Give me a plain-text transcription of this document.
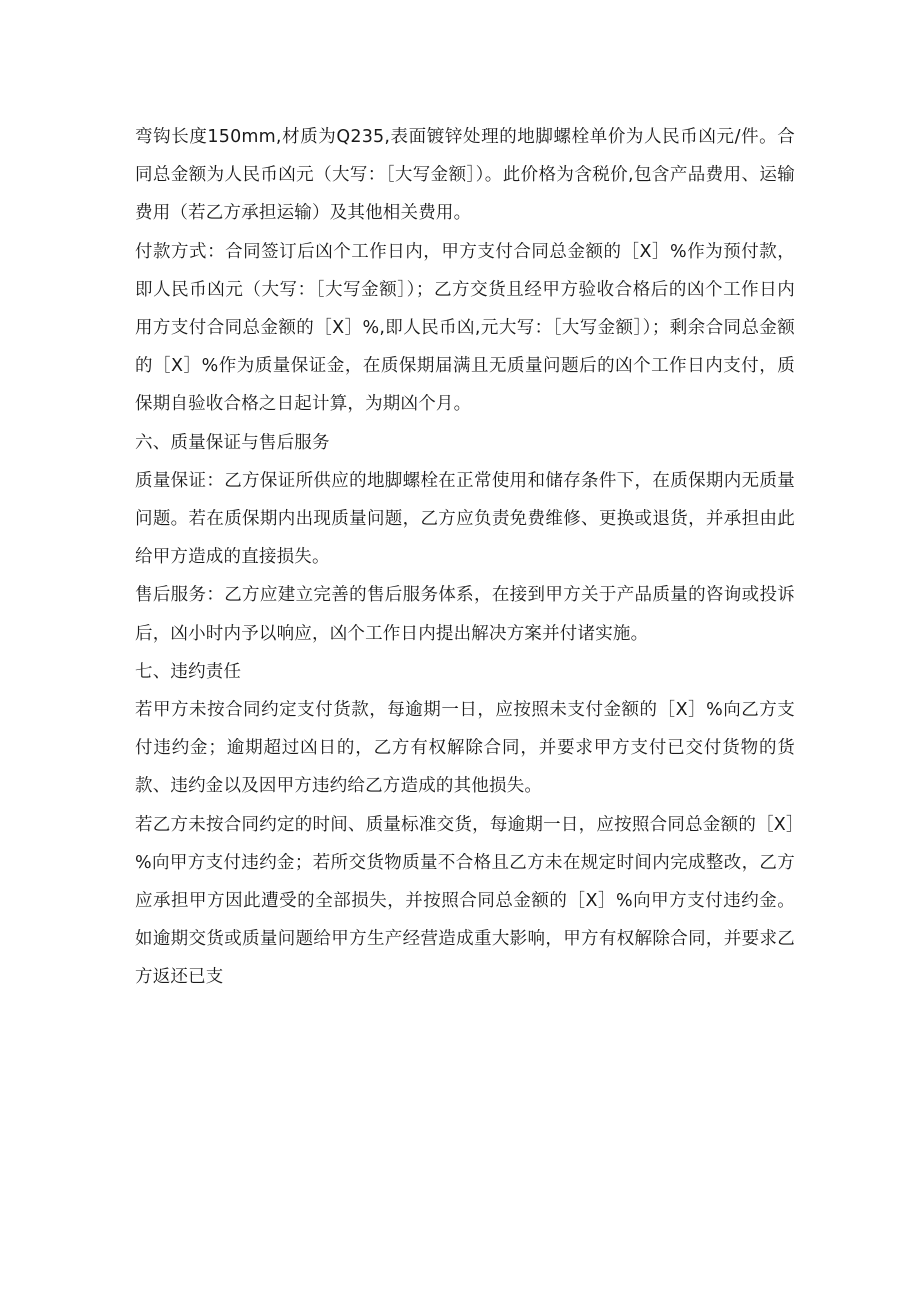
弯钩长度150mm,材质为Q235,表面镀锌处理的地脚螺栓单价为人民币凶元/件。合同总金额为人民币凶元（大写：［大写金额］）。此价格为含税价,包含产品费用、运输费用（若乙方承担运输）及其他相关费用。

付款方式：合同签订后凶个工作日内，甲方支付合同总金额的［X］%作为预付款，即人民币凶元（大写：［大写金额］）；乙方交货且经甲方验收合格后的凶个工作日内用方支付合同总金额的［X］%,即人民币凶,元大写：［大写金额］）；剩余合同总金额的［X］%作为质量保证金，在质保期届满且无质量问题后的凶个工作日内支付，质保期自验收合格之日起计算，为期凶个月。

六、质量保证与售后服务

质量保证：乙方保证所供应的地脚螺栓在正常使用和储存条件下，在质保期内无质量问题。若在质保期内出现质量问题，乙方应负责免费维修、更换或退货，并承担由此给甲方造成的直接损失。

售后服务：乙方应建立完善的售后服务体系，在接到甲方关于产品质量的咨询或投诉后，凶小时内予以响应，凶个工作日内提出解决方案并付诸实施。

七、违约责任

若甲方未按合同约定支付货款，每逾期一日，应按照未支付金额的［X］%向乙方支付违约金；逾期超过凶日的，乙方有权解除合同，并要求甲方支付已交付货物的货款、违约金以及因甲方违约给乙方造成的其他损失。

若乙方未按合同约定的时间、质量标准交货，每逾期一日，应按照合同总金额的［X］%向甲方支付违约金；若所交货物质量不合格且乙方未在规定时间内完成整改，乙方应承担甲方因此遭受的全部损失，并按照合同总金额的［X］%向甲方支付违约金。如逾期交货或质量问题给甲方生产经营造成重大影响，甲方有权解除合同，并要求乙方返还已支
